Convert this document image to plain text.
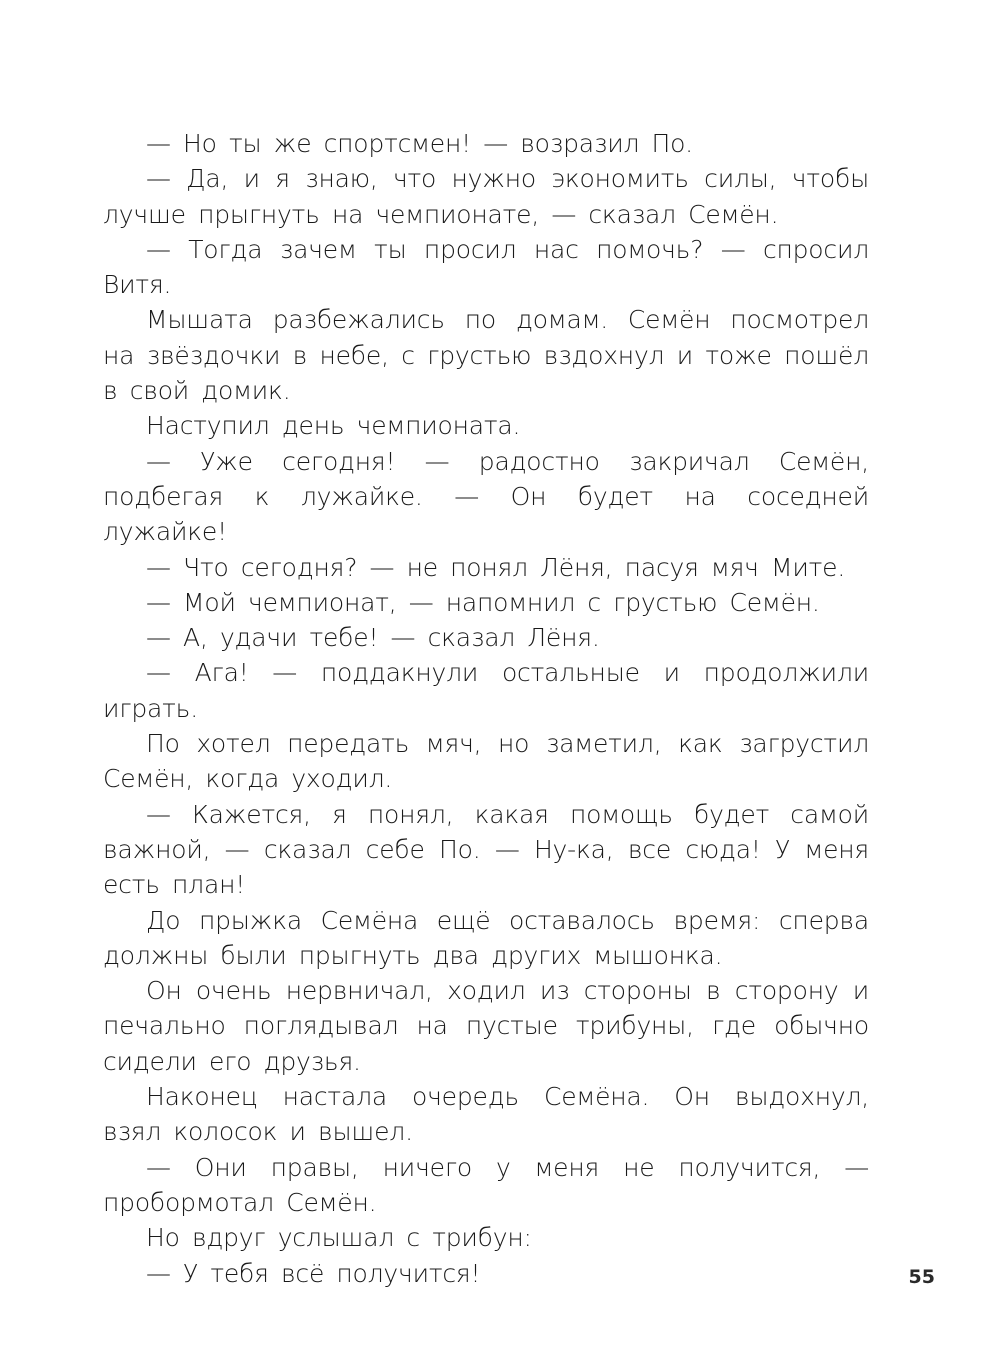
— Но ты же спортсмен! — возразил По.

— Да, и я знаю, что нужно экономить силы, чтобы лучше прыгнуть на чемпионате, — сказал Семён.

— Тогда зачем ты просил нас помочь? — спросил Витя.

Мышата разбежались по домам. Семён посмотрел на звёздочки в небе, с грустью вздохнул и тоже пошёл в свой домик.

Наступил день чемпионата.

— Уже сегодня! — радостно закричал Семён, подбегая к лужайке. — Он будет на соседней лужайке!

— Что сегодня? — не понял Лёня, пасуя мяч Мите.

— Мой чемпионат, — напомнил с грустью Семён.

— А, удачи тебе! — сказал Лёня.

— Ага! — поддакнули остальные и продолжили играть.

По хотел передать мяч, но заметил, как загрустил Семён, когда уходил.

— Кажется, я понял, какая помощь будет самой важной, — сказал себе По. — Ну-ка, все сюда! У меня есть план!

До прыжка Семёна ещё оставалось время: сперва должны были прыгнуть два других мышонка.

Он очень нервничал, ходил из стороны в сторону и печально поглядывал на пустые трибуны, где обычно сидели его друзья.

Наконец настала очередь Семёна. Он выдохнул, взял колосок и вышел.

— Они правы, ничего у меня не получится, — пробормотал Семён.

Но вдруг услышал с трибун:

— У тебя всё получится!	55
